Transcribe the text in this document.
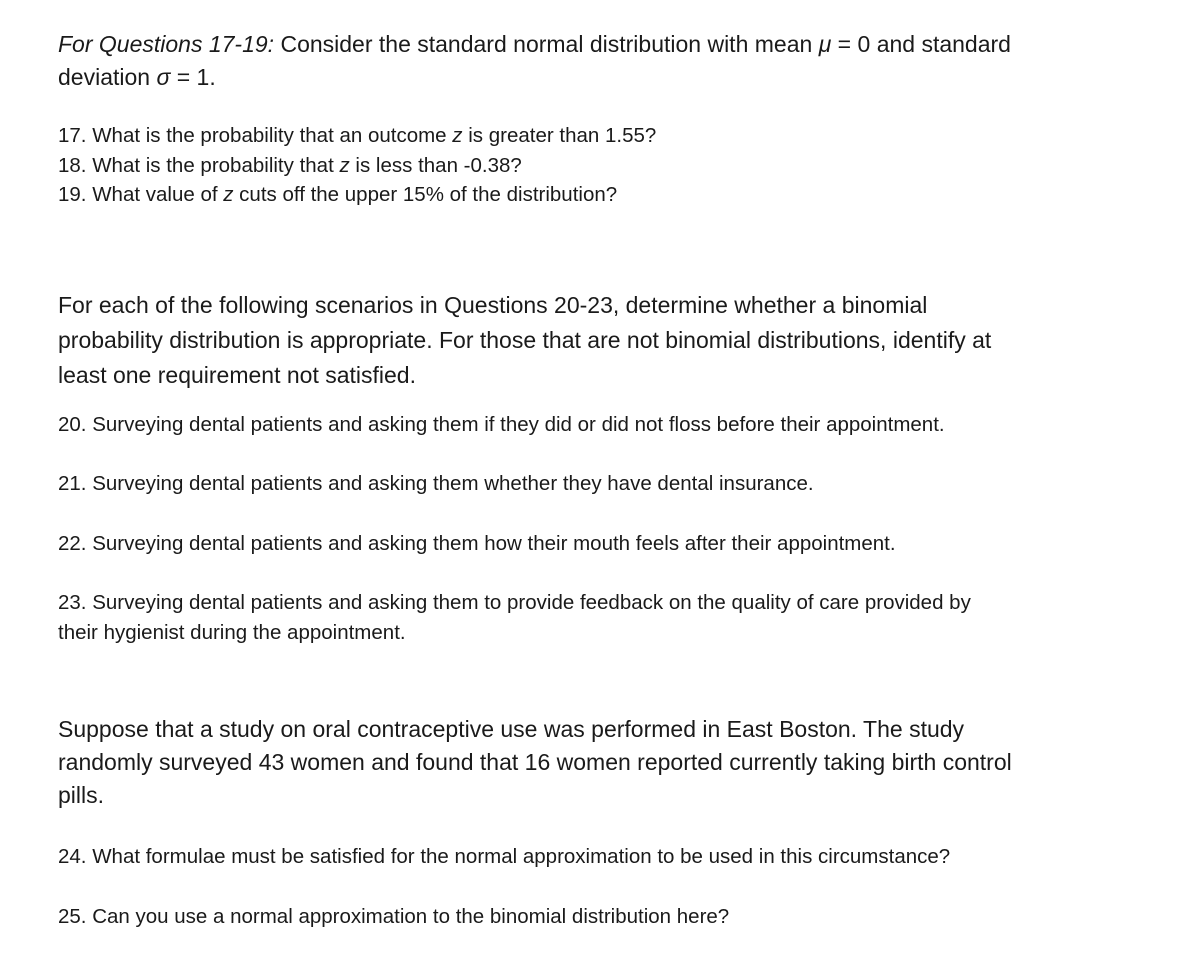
For Questions 17-19: Consider the standard normal distribution with mean μ = 0 and standard
deviation σ = 1.

17. What is the probability that an outcome z is greater than 1.55?
18. What is the probability that z is less than -0.38?
19. What value of z cuts off the upper 15% of the distribution?

For each of the following scenarios in Questions 20-23, determine whether a binomial
probability distribution is appropriate. For those that are not binomial distributions, identify at
least one requirement not satisfied.

20. Surveying dental patients and asking them if they did or did not floss before their appointment.

21. Surveying dental patients and asking them whether they have dental insurance.

22. Surveying dental patients and asking them how their mouth feels after their appointment.

23. Surveying dental patients and asking them to provide feedback on the quality of care provided by
their hygienist during the appointment.

Suppose that a study on oral contraceptive use was performed in East Boston. The study
randomly surveyed 43 women and found that 16 women reported currently taking birth control
pills.

24. What formulae must be satisfied for the normal approximation to be used in this circumstance?

25. Can you use a normal approximation to the binomial distribution here?
